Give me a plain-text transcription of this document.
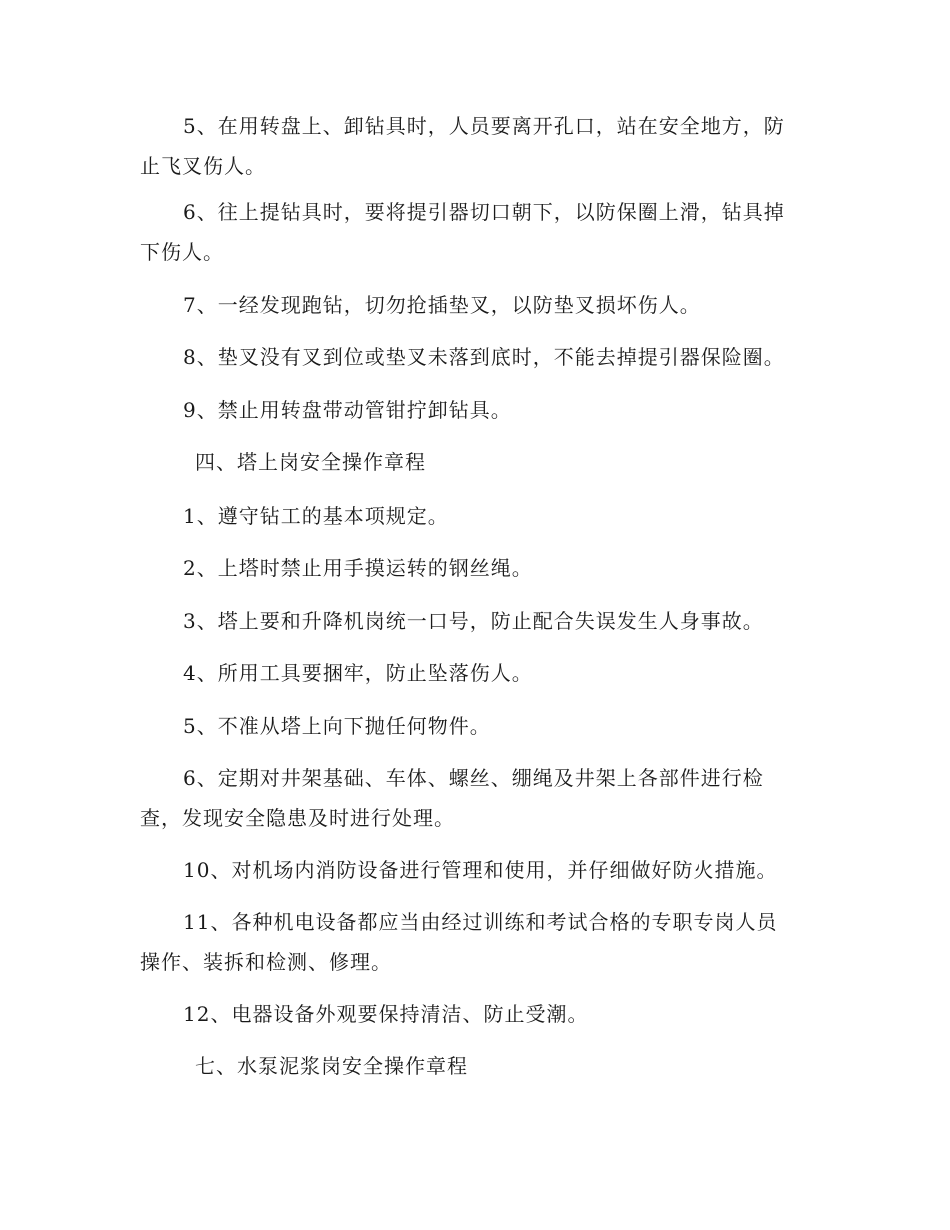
5、在用转盘上、卸钻具时，人员要离开孔口，站在安全地方，防
止飞叉伤人。
6、往上提钻具时，要将提引器切口朝下，以防保圈上滑，钻具掉
下伤人。
7、一经发现跑钻，切勿抢插垫叉，以防垫叉损坏伤人。
8、垫叉没有叉到位或垫叉未落到底时，不能去掉提引器保险圈。
9、禁止用转盘带动管钳拧卸钻具。
四、塔上岗安全操作章程
1、遵守钻工的基本项规定。
2、上塔时禁止用手摸运转的钢丝绳。
3、塔上要和升降机岗统一口号，防止配合失误发生人身事故。
4、所用工具要捆牢，防止坠落伤人。
5、不准从塔上向下抛任何物件。
6、定期对井架基础、车体、螺丝、绷绳及井架上各部件进行检
查，发现安全隐患及时进行处理。
10、对机场内消防设备进行管理和使用，并仔细做好防火措施。
11、各种机电设备都应当由经过训练和考试合格的专职专岗人员
操作、装拆和检测、修理。
12、电器设备外观要保持清洁、防止受潮。
七、水泵泥浆岗安全操作章程
